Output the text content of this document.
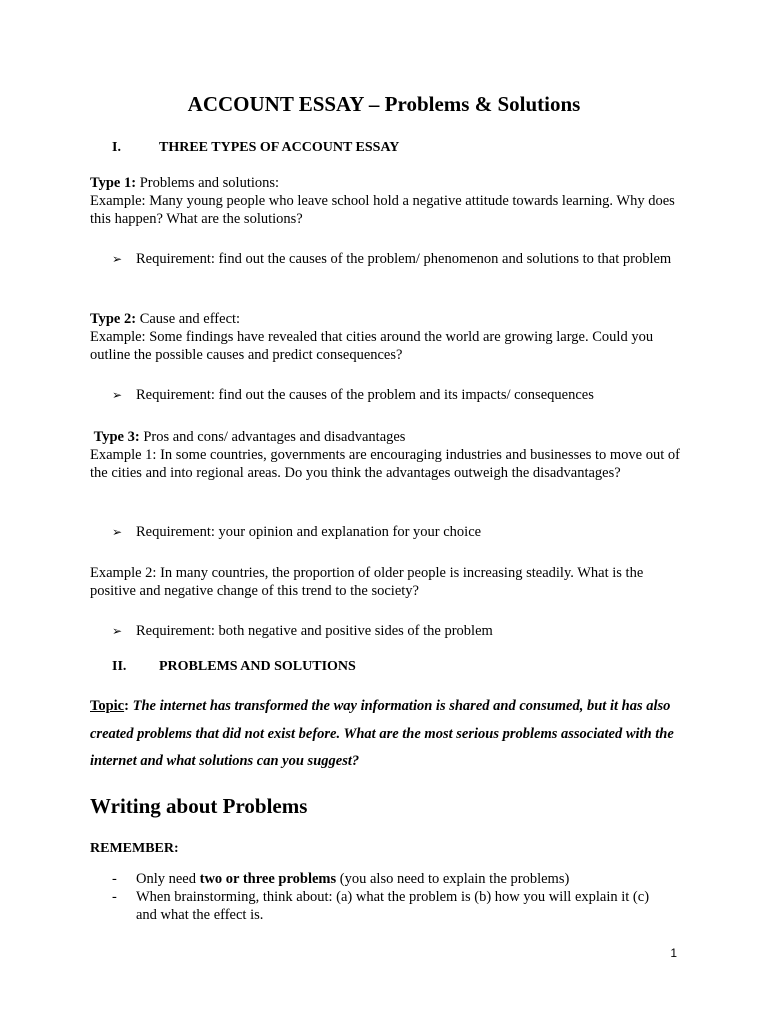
ACCOUNT ESSAY – Problems & Solutions
I.	THREE TYPES OF ACCOUNT ESSAY
Type 1: Problems and solutions:
Example: Many young people who leave school hold a negative attitude towards learning. Why does this happen? What are the solutions?
➢ Requirement: find out the causes of the problem/ phenomenon and solutions to that problem
Type 2: Cause and effect:
Example: Some findings have revealed that cities around the world are growing large. Could you outline the possible causes and predict consequences?
➢ Requirement: find out the causes of the problem and its impacts/ consequences
Type 3: Pros and cons/ advantages and disadvantages
Example 1: In some countries, governments are encouraging industries and businesses to move out of the cities and into regional areas. Do you think the advantages outweigh the disadvantages?
➢ Requirement: your opinion and explanation for your choice
Example 2: In many countries, the proportion of older people is increasing steadily. What is the positive and negative change of this trend to the society?
➢ Requirement: both negative and positive sides of the problem
II. PROBLEMS AND SOLUTIONS
Topic: The internet has transformed the way information is shared and consumed, but it has also created problems that did not exist before. What are the most serious problems associated with the internet and what solutions can you suggest?
Writing about Problems
REMEMBER:
- Only need two or three problems (you also need to explain the problems)
- When brainstorming, think about: (a) what the problem is (b) how you will explain it (c) and what the effect is.
1
